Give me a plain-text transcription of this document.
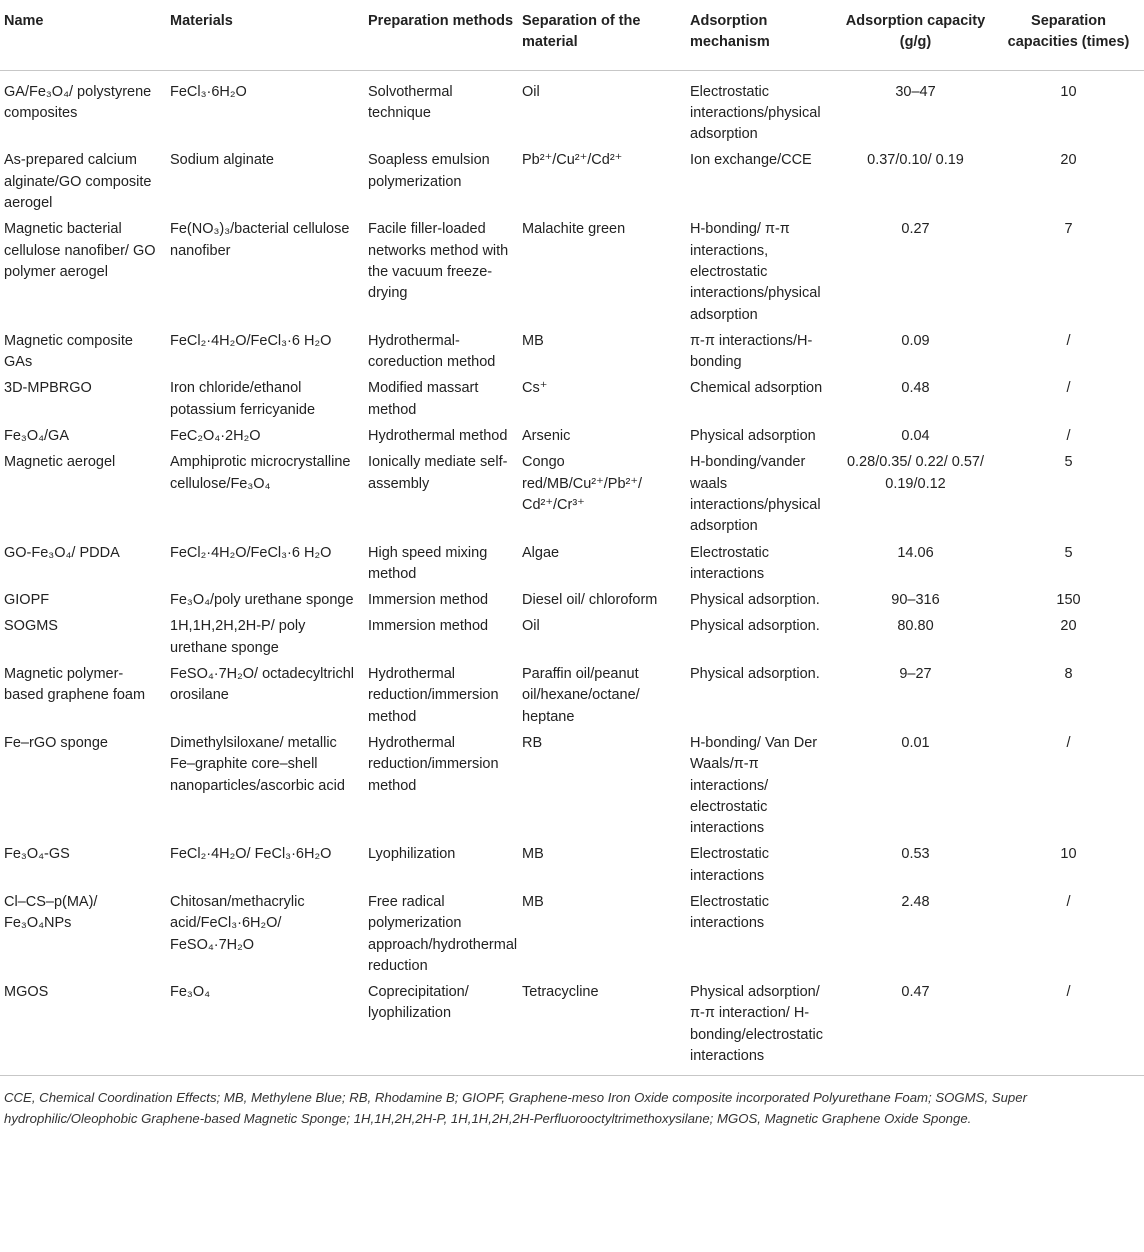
Name	Materials	Preparation methods	Separation of the material	Adsorption mechanism	Adsorption capacity (g/g)	Separation capacities (times)
GA/Fe₃O₄/ polystyrene composites	FeCl₃·6H₂O	Solvothermal technique	Oil	Electrostatic interactions/physical adsorption	30–47	10
As-prepared calcium alginate/GO composite aerogel	Sodium alginate	Soapless emulsion polymerization	Pb²⁺/Cu²⁺/Cd²⁺	Ion exchange/CCE	0.37/0.10/ 0.19	20
Magnetic bacterial cellulose nanofiber/ GO polymer aerogel	Fe(NO₃)₃/bacterial cellulose nanofiber	Facile filler-loaded networks method with the vacuum freeze-drying	Malachite green	H-bonding/ π-π interactions, electrostatic interactions/physical adsorption	0.27	7
Magnetic composite GAs	FeCl₂·4H₂O/FeCl₃·6 H₂O	Hydrothermal-coreduction method	MB	π-π interactions/H-bonding	0.09	/
3D-MPBRGO	Iron chloride/ethanol potassium ferricyanide	Modified massart method	Cs⁺	Chemical adsorption	0.48	/
Fe₃O₄/GA	FeC₂O₄·2H₂O	Hydrothermal method	Arsenic	Physical adsorption	0.04	/
Magnetic aerogel	Amphiprotic microcrystalline cellulose/Fe₃O₄	Ionically mediate self-assembly	Congo red/MB/Cu²⁺/Pb²⁺/ Cd²⁺/Cr³⁺	H-bonding/vander waals interactions/physical adsorption	0.28/0.35/ 0.22/ 0.57/ 0.19/0.12	5
GO-Fe₃O₄/ PDDA	FeCl₂·4H₂O/FeCl₃·6 H₂O	High speed mixing method	Algae	Electrostatic interactions	14.06	5
GIOPF	Fe₃O₄/poly urethane sponge	Immersion method	Diesel oil/ chloroform	Physical adsorption.	90–316	150
SOGMS	1H,1H,2H,2H-P/ poly urethane sponge	Immersion method	Oil	Physical adsorption.	80.80	20
Magnetic polymer-based graphene foam	FeSO₄·7H₂O/ octadecyltrichl orosilane	Hydrothermal reduction/immersion method	Paraffin oil/peanut oil/hexane/octane/ heptane	Physical adsorption.	9–27	8
Fe–rGO sponge	Dimethylsiloxane/ metallic Fe–graphite core–shell nanoparticles/ascorbic acid	Hydrothermal reduction/immersion method	RB	H-bonding/ Van Der Waals/π-π interactions/ electrostatic interactions	0.01	/
Fe₃O₄-GS	FeCl₂·4H₂O/ FeCl₃·6H₂O	Lyophilization	MB	Electrostatic interactions	0.53	10
Cl–CS–p(MA)/ Fe₃O₄NPs	Chitosan/methacrylic acid/FeCl₃·6H₂O/ FeSO₄·7H₂O	Free radical polymerization approach/hydrothermal reduction	MB	Electrostatic interactions	2.48	/
MGOS	Fe₃O₄	Coprecipitation/ lyophilization	Tetracycline	Physical adsorption/ π-π interaction/ H-bonding/electrostatic interactions	0.47	/
CCE, Chemical Coordination Effects; MB, Methylene Blue; RB, Rhodamine B; GIOPF, Graphene-meso Iron Oxide composite incorporated Polyurethane Foam; SOGMS, Super hydrophilic/Oleophobic Graphene-based Magnetic Sponge; 1H,1H,2H,2H-P, 1H,1H,2H,2H-Perfluorooctyltrimethoxysilane; MGOS, Magnetic Graphene Oxide Sponge.
